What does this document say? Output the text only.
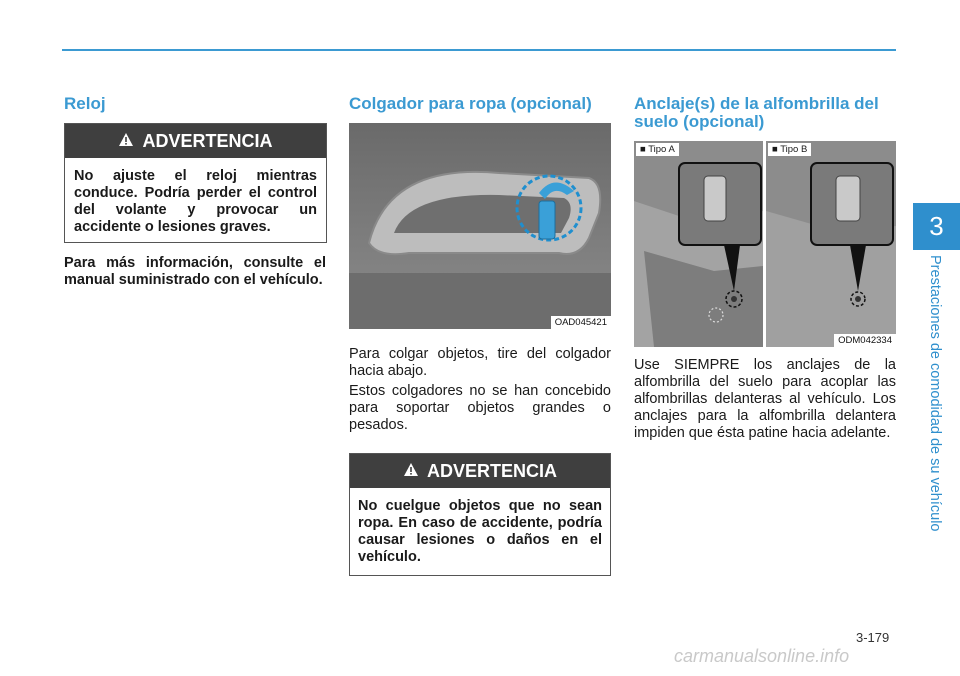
3
Prestaciones de comodidad de su vehículo
Reloj
ADVERTENCIA
No ajuste el reloj mientras conduce. Podría perder el control del volante y provocar un accidente o lesiones graves.

Para más información, consulte el manual suministrado con el vehículo.

Colgador para ropa (opcional)
OAD045421

Para colgar objetos, tire del colgador hacia abajo.

Estos colgadores no se han concebido para soportar objetos grandes o pesados.

ADVERTENCIA
No cuelgue objetos que no sean ropa. En caso de accidente, podría causar lesiones o daños en el vehículo.
Anclaje(s) de la alfombrilla del suelo (opcional)
■ Tipo A	■ Tipo B
ODM042334

Use SIEMPRE los anclajes de la alfombrilla del suelo para acoplar las alfombrillas delanteras al vehículo. Los anclajes para la alfombrilla delantera impiden que ésta patine hacia adelante.

3-179
carmanualsonline.info
